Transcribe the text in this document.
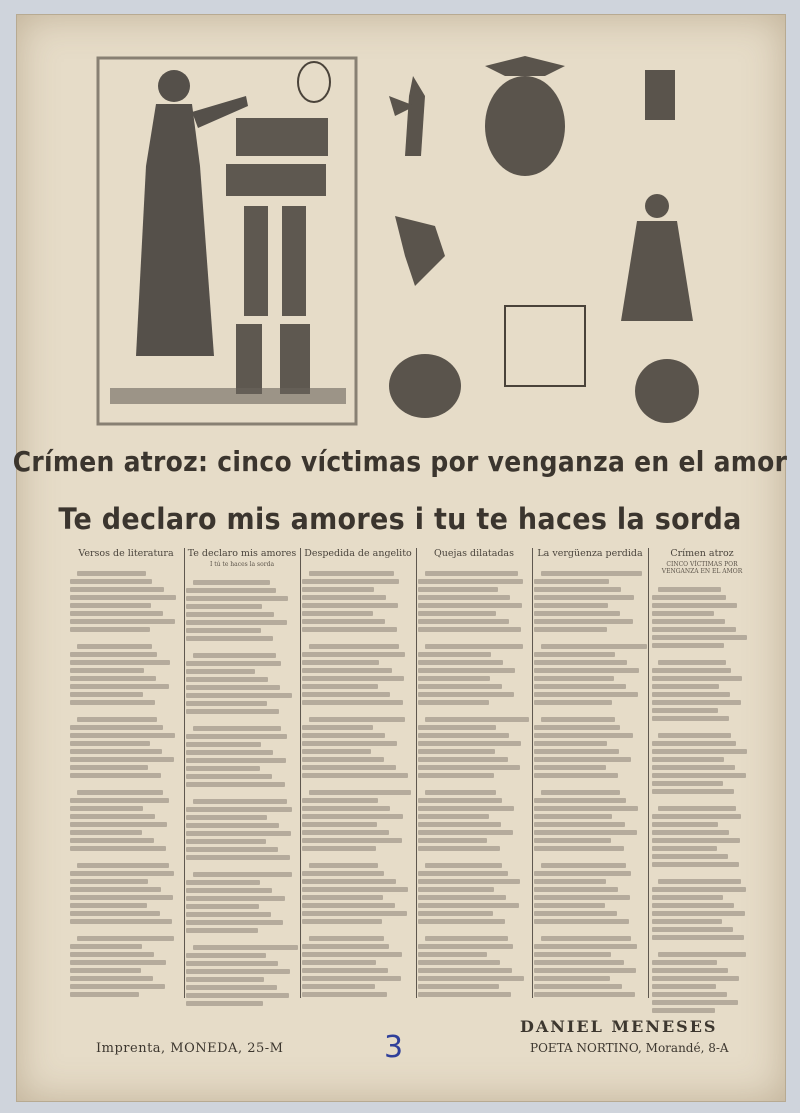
Crímen atroz: cinco víctimas por venganza en el amor
Te declaro mis amores i tu te haces la sorda
Versos de literatura	Te declaro mis amores
I tú te haces la sorda
Despedida de angelito	Quejas dilatadas	La vergüenza perdida	Crímen atroz
CINCO VÍCTIMAS POR VENGANZA EN EL AMOR
Imprenta, MONEDA, 25-M	3
DANIEL MENESES
POETA NORTINO, Morandé, 8-A
